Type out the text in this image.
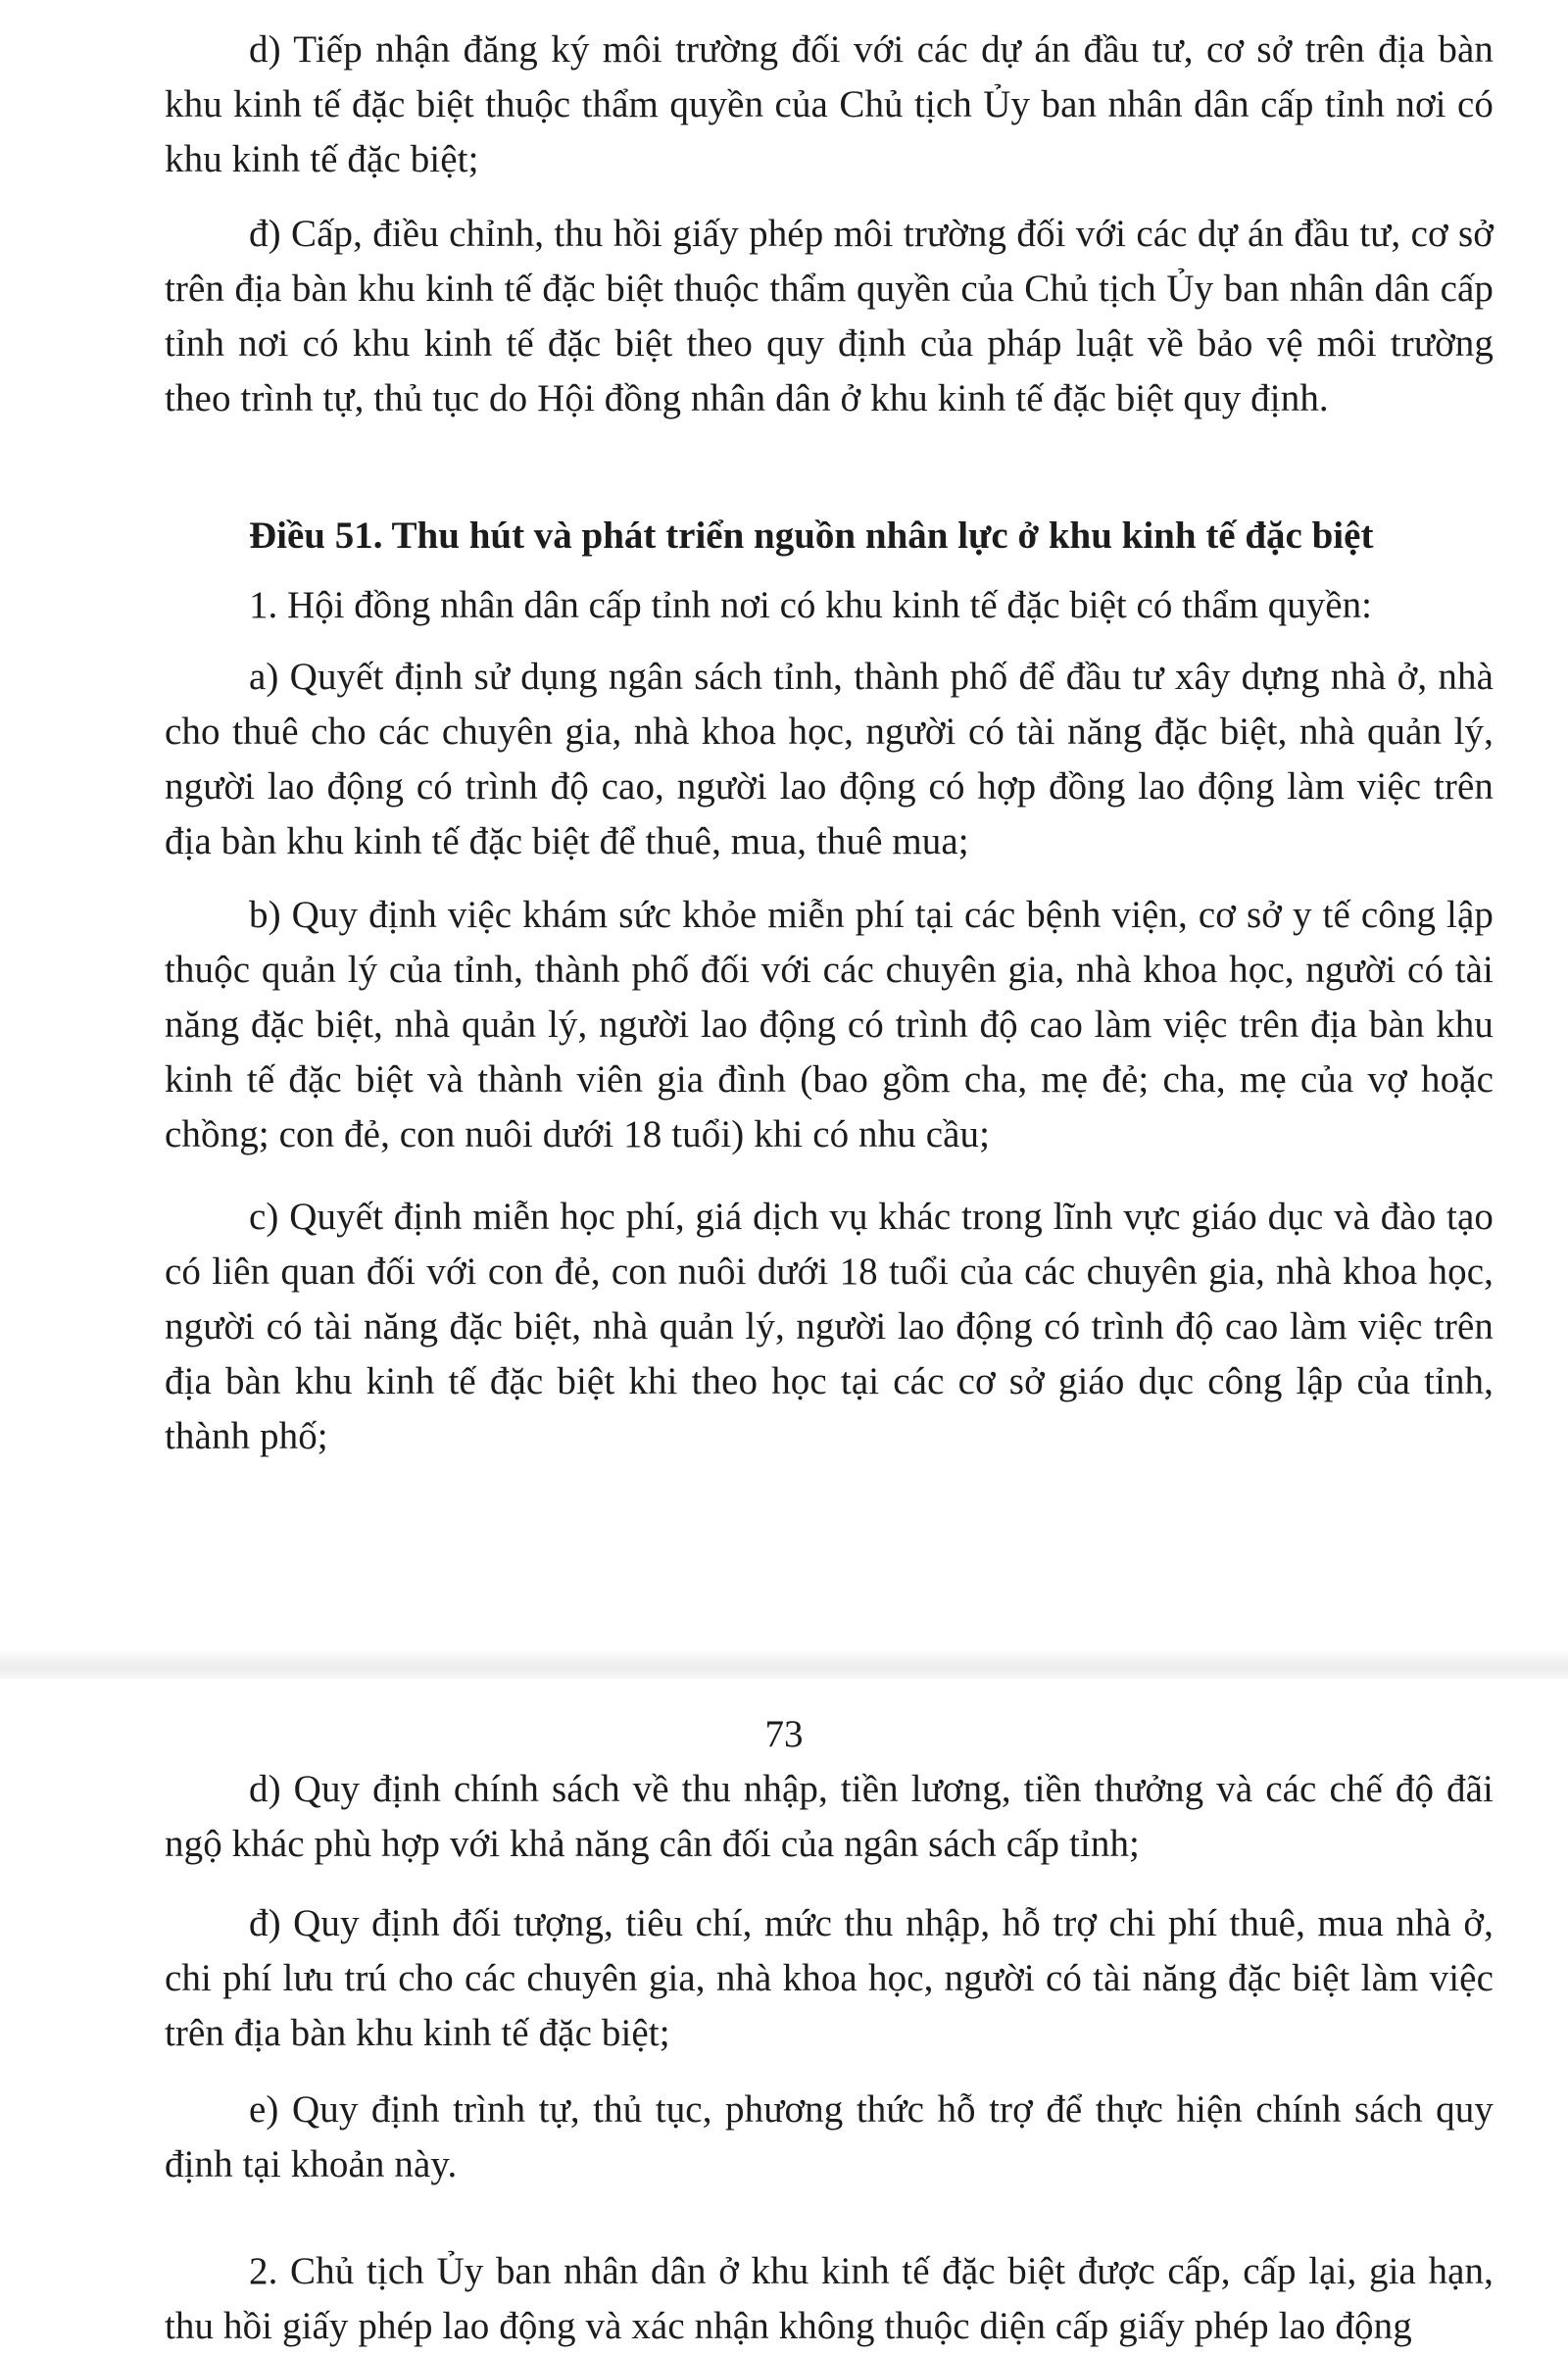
d) Tiếp nhận đăng ký môi trường đối với các dự án đầu tư, cơ sở trên địa bàn khu kinh tế đặc biệt thuộc thẩm quyền của Chủ tịch Ủy ban nhân dân cấp tỉnh nơi có khu kinh tế đặc biệt;

đ) Cấp, điều chỉnh, thu hồi giấy phép môi trường đối với các dự án đầu tư, cơ sở trên địa bàn khu kinh tế đặc biệt thuộc thẩm quyền của Chủ tịch Ủy ban nhân dân cấp tỉnh nơi có khu kinh tế đặc biệt theo quy định của pháp luật về bảo vệ môi trường theo trình tự, thủ tục do Hội đồng nhân dân ở khu kinh tế đặc biệt quy định.

Điều 51. Thu hút và phát triển nguồn nhân lực ở khu kinh tế đặc biệt

1. Hội đồng nhân dân cấp tỉnh nơi có khu kinh tế đặc biệt có thẩm quyền:

a) Quyết định sử dụng ngân sách tỉnh, thành phố để đầu tư xây dựng nhà ở, nhà cho thuê cho các chuyên gia, nhà khoa học, người có tài năng đặc biệt, nhà quản lý, người lao động có trình độ cao, người lao động có hợp đồng lao động làm việc trên địa bàn khu kinh tế đặc biệt để thuê, mua, thuê mua;

b) Quy định việc khám sức khỏe miễn phí tại các bệnh viện, cơ sở y tế công lập thuộc quản lý của tỉnh, thành phố đối với các chuyên gia, nhà khoa học, người có tài năng đặc biệt, nhà quản lý, người lao động có trình độ cao làm việc trên địa bàn khu kinh tế đặc biệt và thành viên gia đình (bao gồm cha, mẹ đẻ; cha, mẹ của vợ hoặc chồng; con đẻ, con nuôi dưới 18 tuổi) khi có nhu cầu;

c) Quyết định miễn học phí, giá dịch vụ khác trong lĩnh vực giáo dục và đào tạo có liên quan đối với con đẻ, con nuôi dưới 18 tuổi của các chuyên gia, nhà khoa học, người có tài năng đặc biệt, nhà quản lý, người lao động có trình độ cao làm việc trên địa bàn khu kinh tế đặc biệt khi theo học tại các cơ sở giáo dục công lập của tỉnh, thành phố;

73

d) Quy định chính sách về thu nhập, tiền lương, tiền thưởng và các chế độ đãi ngộ khác phù hợp với khả năng cân đối của ngân sách cấp tỉnh;

đ) Quy định đối tượng, tiêu chí, mức thu nhập, hỗ trợ chi phí thuê, mua nhà ở, chi phí lưu trú cho các chuyên gia, nhà khoa học, người có tài năng đặc biệt làm việc trên địa bàn khu kinh tế đặc biệt;

e) Quy định trình tự, thủ tục, phương thức hỗ trợ để thực hiện chính sách quy định tại khoản này.

2. Chủ tịch Ủy ban nhân dân ở khu kinh tế đặc biệt được cấp, cấp lại, gia hạn, thu hồi giấy phép lao động và xác nhận không thuộc diện cấp giấy phép lao động
